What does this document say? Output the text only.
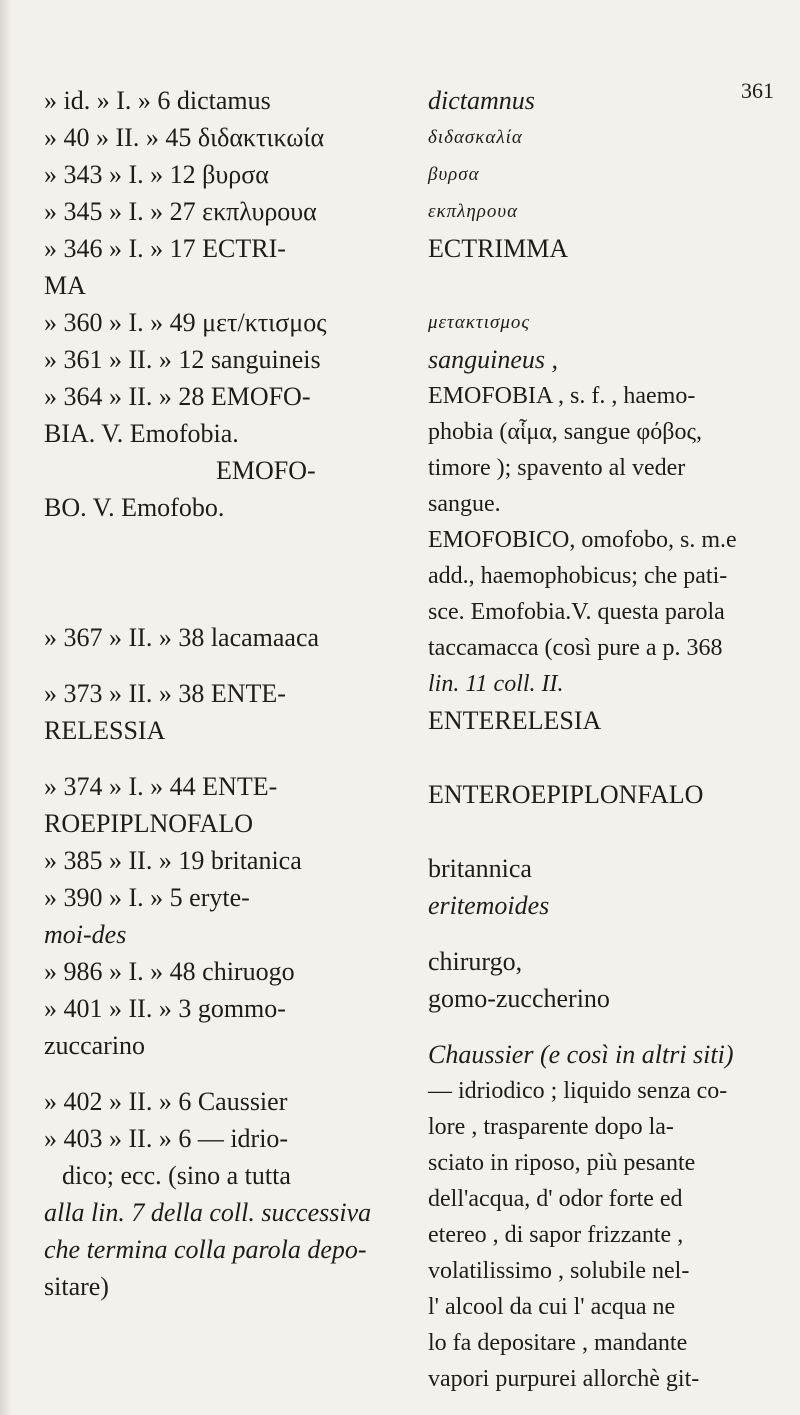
361
» id. » I. » 6 dictamus
» 40 » II. » 45 διδακτικωία
» 343 » I. » 12 βυρσα
» 345 » I. » 27 εκπλυρουα
» 346 » I. » 17 ECTRI-
MA
» 360 » I. » 49 μετ/κτισμος
» 361 » II. » 12 sanguineis
» 364 » II. » 28 EMOFO-
BIA. V. Emofobia.
EMOFO-
BO. V. Emofobo.
» 367 » II. » 38 lacamaaca
» 373 » II. » 38 ENTE-
RELESSIA
» 374 » I. » 44 ENTE-
ROEPIPLNOFALO
» 385 » II. » 19 britanica
» 390 » I. » 5 erytе-
moi-des
» 986 » I. » 48 chiruogo
» 401 » II. » 3 gommo-
zuccarino
» 402 » II. » 6 Caussier
» 403 » II. » 6 — idrio-
dico; ecc. (sino a tutta
alla lin. 7 della coll. successiva
che termina colla parola depo-
sitare)
dictamnus
διδασκαλία
βυρσα
εκπληρουα
ECTRIMMA
μετακτισμος
sanguineus ,
EMOFOBIA , s. f. , haemo-
phobia (αἷμα, sangue φόβος,
timore ); spavento al veder
sangue.
EMOFOBICO, omofobo, s. m.e
add., haemophobicus; che pati-
sce. Emofobia.V. questa parola
taccamacca (così pure a p. 368
lin. 11 coll. II.
ENTERELESIA
ENTEROEPIPLONFALO
britannica
eritemoides
chirurgo,
gomo-zuccherino
Chaussier (e così in altri siti)
— idriodico ; liquido senza co-
lore , trasparente dopo la-
sciato in riposo, più pesante
dell'acqua, d' odor forte ed
etereo , di sapor frizzante ,
volatilissimo , solubile nel-
l' alcool da cui l' acqua ne
lo fa depositare , mandante
vapori purpurei allorchè git-
